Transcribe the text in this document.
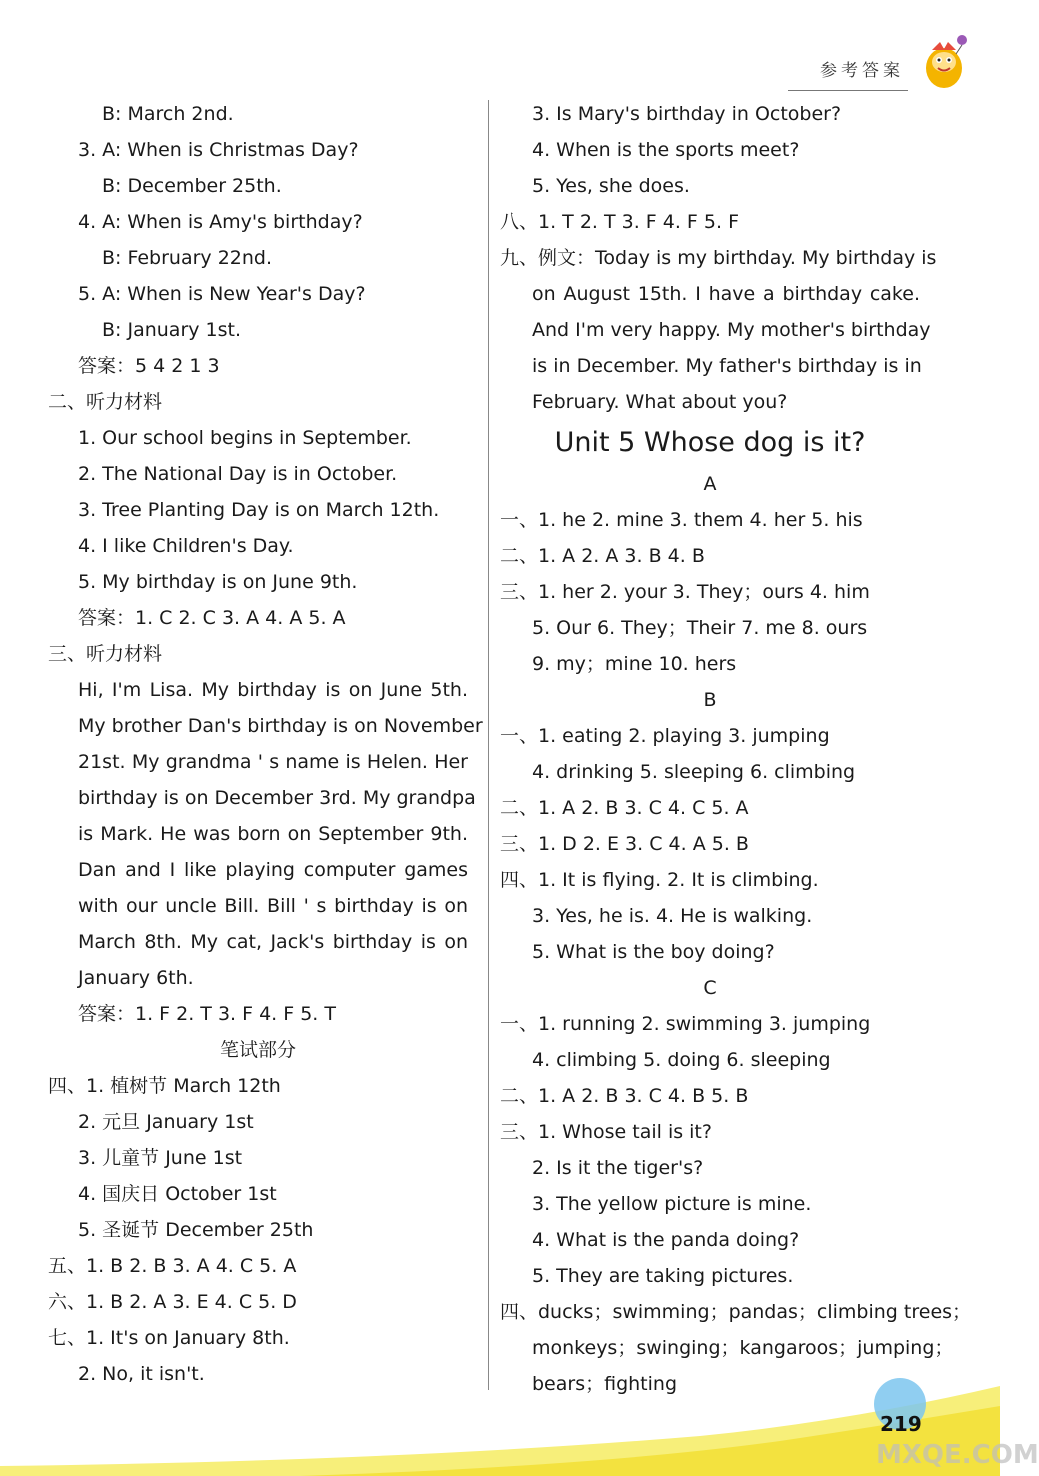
参考答案
B: March 2nd.
3. A: When is Christmas Day?
B: December 25th.
4. A: When is Amy's birthday?
B: February 22nd.
5. A: When is New Year's Day?
B: January 1st.
答案：5 4 2 1 3
二、听力材料
1. Our school begins in September.
2. The National Day is in October.
3. Tree Planting Day is on March 12th.
4. I like Children's Day.
5. My birthday is on June 9th.
答案：1. C 2. C 3. A 4. A 5. A
三、听力材料
Hi, I'm Lisa. My birthday is on June 5th.
My brother Dan's birthday is on November
21st. My grandma ' s name is Helen. Her
birthday is on December 3rd. My grandpa
is Mark. He was born on September 9th.
Dan and I like playing computer games
with our uncle Bill. Bill ' s birthday is on
March 8th. My cat, Jack's birthday is on
January 6th.
答案：1. F 2. T 3. F 4. F 5. T
笔试部分
四、1. 植树节 March 12th
2. 元旦 January 1st
3. 儿童节 June 1st
4. 国庆日 October 1st
5. 圣诞节 December 25th
五、1. B 2. B 3. A 4. C 5. A
六、1. B 2. A 3. E 4. C 5. D
七、1. It's on January 8th.
2. No, it isn't.
3. Is Mary's birthday in October?
4. When is the sports meet?
5. Yes, she does.
八、1. T 2. T 3. F 4. F 5. F
九、例文：Today is my birthday. My birthday is
on August 15th. I have a birthday cake.
And I'm very happy. My mother's birthday
is in December. My father's birthday is in
February. What about you?
Unit 5 Whose dog is it?
A
一、1. he 2. mine 3. them 4. her 5. his
二、1. A 2. A 3. B 4. B
三、1. her 2. your 3. They；ours 4. him
5. Our 6. They；Their 7. me 8. ours
9. my；mine 10. hers
B
一、1. eating 2. playing 3. jumping
4. drinking 5. sleeping 6. climbing
二、1. A 2. B 3. C 4. C 5. A
三、1. D 2. E 3. C 4. A 5. B
四、1. It is flying. 2. It is climbing.
3. Yes, he is. 4. He is walking.
5. What is the boy doing?
C
一、1. running 2. swimming 3. jumping
4. climbing 5. doing 6. sleeping
二、1. A 2. B 3. C 4. B 5. B
三、1. Whose tail is it?
2. Is it the tiger's?
3. The yellow picture is mine.
4. What is the panda doing?
5. They are taking pictures.
四、ducks；swimming；pandas；climbing trees；
monkeys；swinging；kangaroos；jumping；
bears；fighting
219
MXQE.COM
